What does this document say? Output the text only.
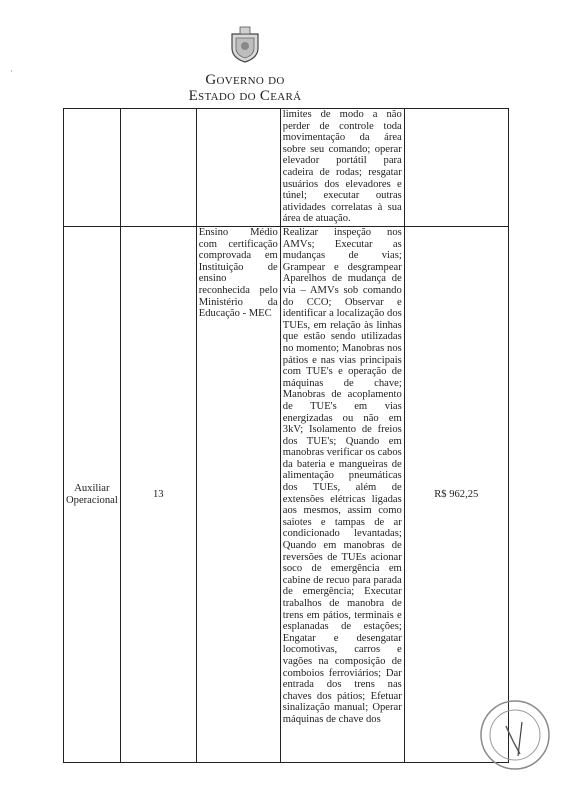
Governo do
Estado do Ceará
·
			limites de modo a não perder de controle toda movimentação da área sobre seu comando; operar elevador portátil para cadeira de rodas; resgatar usuários dos elevadores e túnel; executar outras atividades correlatas à sua área de atuação.	
Auxiliar
Operacional	13	Ensino Médio com certificação comprovada em Instituição de ensino reconhecida pelo Ministério da Educação - MEC	Realizar inspeção nos AMVs; Executar as mudanças de vias; Grampear e desgrampear Aparelhos de mudança de via – AMVs sob comando do CCO; Observar e identificar a localização dos TUEs, em relação às linhas que estão sendo utilizadas no momento; Manobras nos pátios e nas vias principais com TUE's e operação de máquinas de chave; Manobras de acoplamento de TUE's em vias energizadas ou não em 3kV; Isolamento de freios dos TUE's; Quando em manobras verificar os cabos da bateria e mangueiras de alimentação pneumáticas dos TUEs, além de extensões elétricas ligadas aos mesmos, assim como saiotes e tampas de ar condicionado levantadas; Quando em manobras de reversões de TUEs acionar soco de emergência em cabine de recuo para parada de emergência; Executar trabalhos de manobra de trens em pátios, terminais e esplanadas de estações; Engatar e desengatar locomotivas, carros e vagões na composição de comboios ferroviários; Dar entrada dos trens nas chaves dos pátios; Efetuar sinalização manual; Operar máquinas de chave dos	R$ 962,25
